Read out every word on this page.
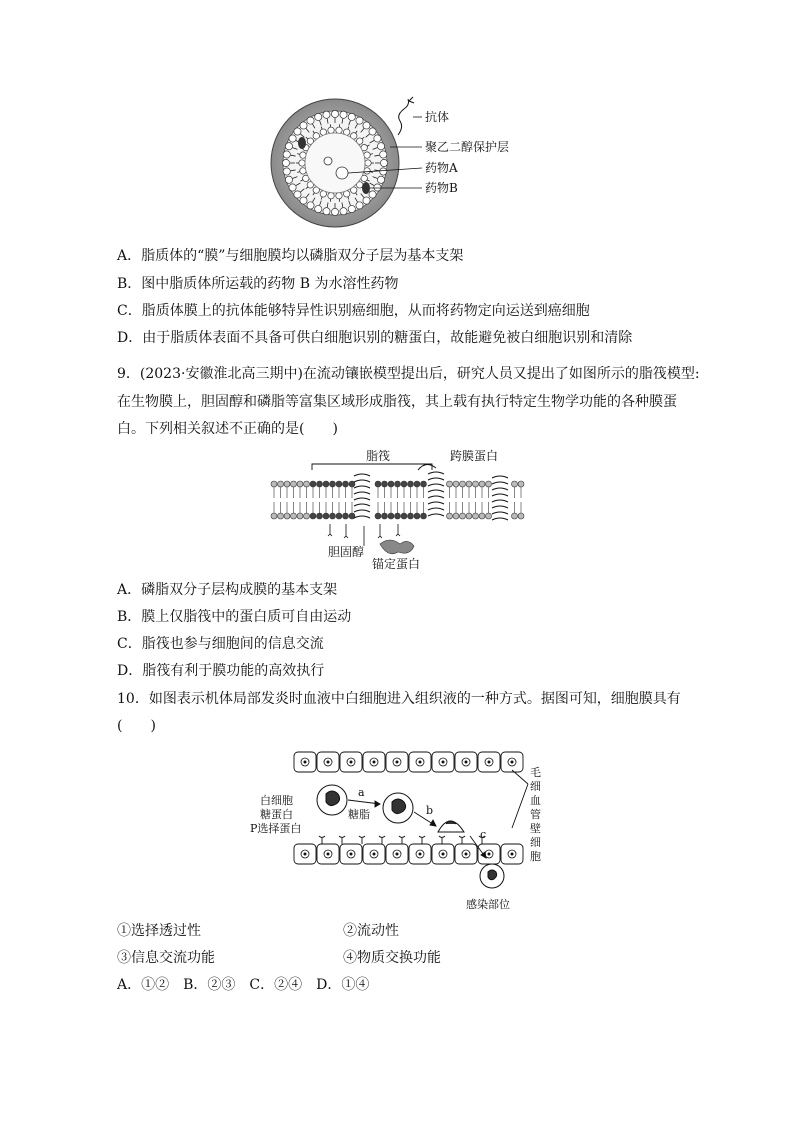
抗体
聚乙二醇保护层
药物A
药物B
A．脂质体的“膜”与细胞膜均以磷脂双分子层为基本支架
B．图中脂质体所运载的药物 B 为水溶性药物
C．脂质体膜上的抗体能够特异性识别癌细胞，从而将药物定向运送到癌细胞
D．由于脂质体表面不具备可供白细胞识别的糖蛋白，故能避免被白细胞识别和清除
9．(2023·安徽淮北高三期中)在流动镶嵌模型提出后，研究人员又提出了如图所示的脂筏模型:
在生物膜上，胆固醇和磷脂等富集区域形成脂筏，其上载有执行特定生物学功能的各种膜蛋
白。下列相关叙述不正确的是(　　)
脂筏	跨膜蛋白
胆固醇
锚定蛋白
A．磷脂双分子层构成膜的基本支架
B．膜上仅脂筏中的蛋白质可自由运动
C．脂筏也参与细胞间的信息交流
D．脂筏有利于膜功能的高效执行
10．如图表示机体局部发炎时血液中白细胞进入组织液的一种方式。据图可知，细胞膜具有
(　　)
a
b
c
白细胞
糖蛋白	糖脂
P选择蛋白
毛
细
血
管
壁
细
胞
感染部位
①选择透过性	②流动性
③信息交流功能	④物质交换功能
A．①②　B．②③　C．②④　D．①④
